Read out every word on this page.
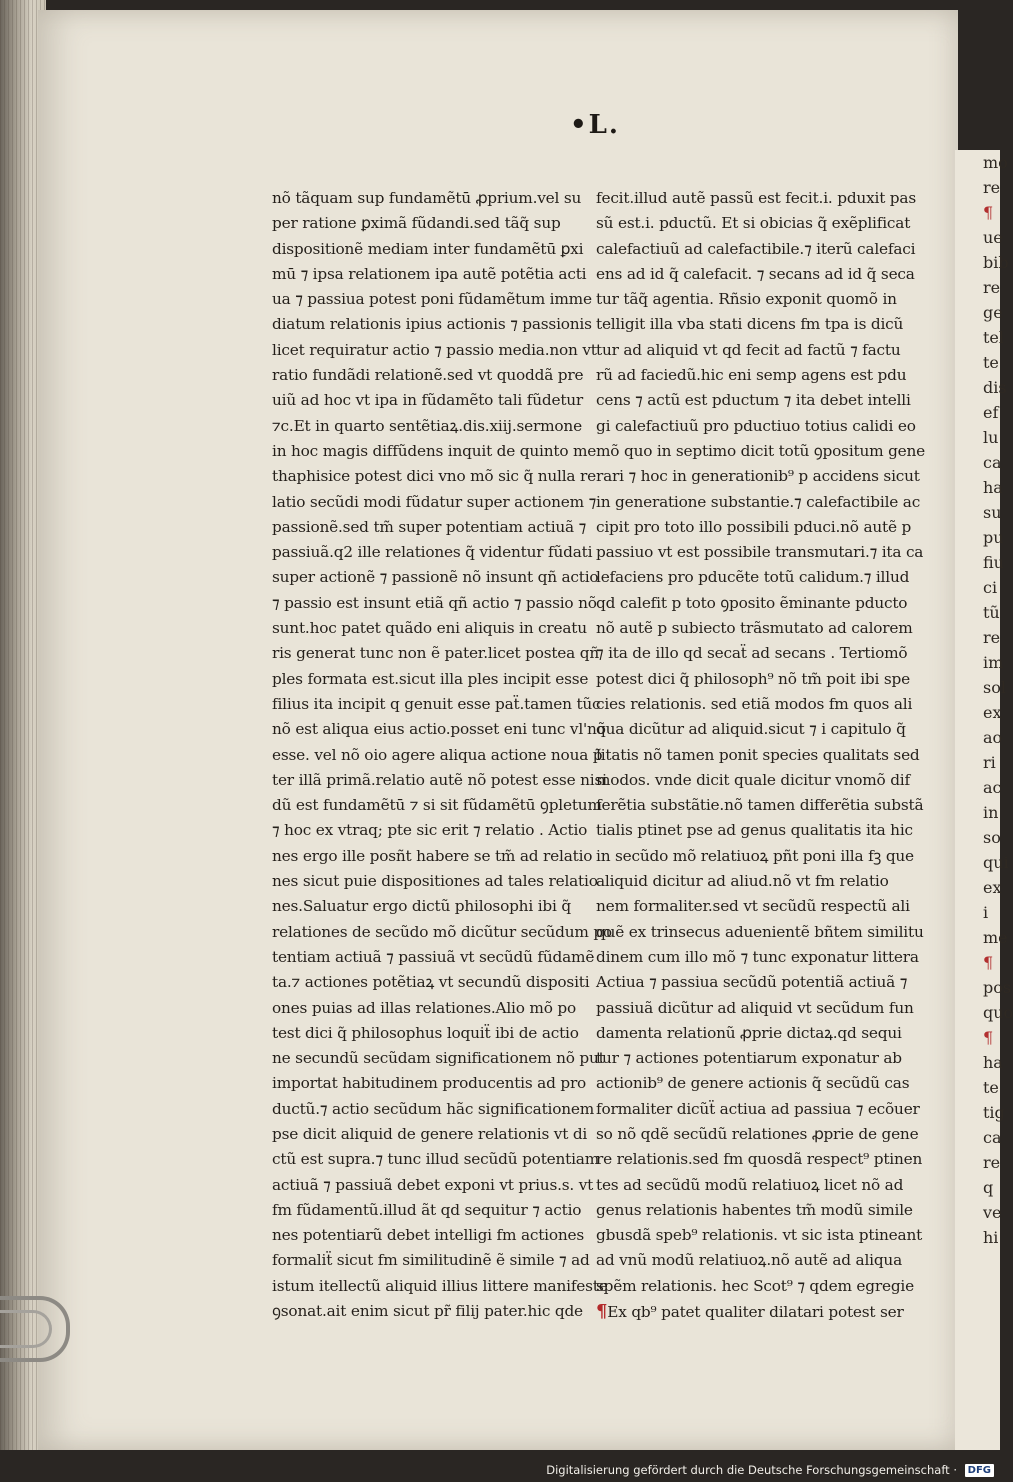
mo
re
¶
ue
bib
re
ge
tel
te
dis
ef
lu
ca
ha
su
pu
fiu
ci
tũ
re
im
sol
ex
ao
ri
ac
in
so
qui
ex
i
me
¶
pos
quo
¶
ha
te
tig
ca
re
q
ve
hi
•L.
nõ tãquam sup fundamẽtū ꝓprium.vel su
per ratione ꝑximã fũdandi.sed tãq̃ sup
dispositionẽ mediam inter fundamẽtū ꝑxi
mū ⁊ ipsa relationem ipa autẽ potẽtia acti
ua ⁊ passiua potest poni fũdamẽtum imme
diatum relationis ipius actionis ⁊ passionis
licet requiratur actio ⁊ passio media.non vt
ratio fundãdi relationẽ.sed vt quoddã pre
uiũ ad hoc vt ipa in fũdamẽto tali fũdetur
⁊c.Et in quarto sentẽtiaꝝ.dis.xiij.sermone
in hoc magis diffũdens inquit de quinto me
thaphisice potest dici vno mõ sic q̃ nulla re
latio secũdi modi fũdatur super actionem ⁊
passionẽ.sed tm̃ super potentiam actiuã ⁊
passiuã.q2 ille relationes q̃ videntur fũdati
super actionẽ ⁊ passionẽ nõ insunt qñ actio
⁊ passio est insunt etiã qñ actio ⁊ passio nõ
sunt.hoc patet quãdo eni aliquis in creatu
ris generat tunc non ẽ pater.licet postea qñ
ples formata est.sicut illa ples incipit esse
filius ita incipit q genuit esse paẗ.tamen tũc
nõ est aliqua eius actio.posset eni tunc vl'nõ
esse. vel nõ oio agere aliqua actione noua p̃
ter illã primã.relatio autẽ nõ potest esse nisi
dũ est fundamẽtū ⁊ si sit fũdamẽtū ꝯpletum
⁊ hoc ex vtraq; pte sic erit ⁊ relatio . Actio
nes ergo ille posñt habere se tm̃ ad relatio
nes sicut puie dispositiones ad tales relatio
nes.Saluatur ergo dictũ philosophi ibi q̃
relationes de secũdo mõ dicũtur secũdum po
tentiam actiuã ⁊ passiuã vt secũdũ fũdamẽ
ta.⁊ actiones potẽtiaꝝ vt secundũ dispositi
ones puias ad illas relationes.Alio mõ po
test dici q̃ philosophus loquiẗ ibi de actio
ne secundũ secũdam significationem nõ put
importat habitudinem producentis ad pro
ductũ.⁊ actio secũdum hãc significationem
pse dicit aliquid de genere relationis vt di
ctũ est supra.⁊ tunc illud secũdũ potentiam
actiuã ⁊ passiuã debet exponi vt prius.s. vt
fm fũdamentũ.illud ãt qd sequitur ⁊ actio
nes potentiarũ debet intelligi fm actiones
formaliẗ sicut fm similitudinẽ ẽ simile ⁊ ad
istum itellectũ aliquid illius littere manifeste
ꝯsonat.ait enim sicut pr̃ filij pater.hic qde
fecit.illud autẽ passũ est fecit.i. pduxit pas
sũ est.i. pductũ. Et si obicias q̃ exẽplificat
calefactiuũ ad calefactibile.⁊ iterũ calefaci
ens ad id q̃ calefacit. ⁊ secans ad id q̃ seca
tur tãq̃ agentia. Rñsio exponit quomõ in
telligit illa vba stati dicens fm tpa is dicũ
tur ad aliquid vt qd fecit ad factũ ⁊ factu
rũ ad faciedũ.hic eni semp agens est pdu
cens ⁊ actũ est pductum ⁊ ita debet intelli
gi calefactiuũ pro pductiuo totius calidi eo
mõ quo in septimo dicit totũ ꝯpositum gene
rari ⁊ hoc in generationib⁹ p accidens sicut
in generatione substantie.⁊ calefactibile ac
cipit pro toto illo possibili pduci.nõ autẽ p
passiuo vt est possibile transmutari.⁊ ita ca
lefaciens pro pducẽte totũ calidum.⁊ illud
qd calefit p toto ꝯposito ẽminante pducto
nõ autẽ p subiecto trãsmutato ad calorem
⁊ ita de illo qd secaẗ ad secans . Tertiomõ
potest dici q̃ philosoph⁹ nõ tm̃ poit ibi spe
cies relationis. sed etiã modos fm quos ali
qua dicũtur ad aliquid.sicut ⁊ i capitulo q̃
litatis nõ tamen ponit species qualitats sed
modos. vnde dicit quale dicitur vnomõ dif
ferẽtia substãtie.nõ tamen differẽtia substã
tialis ptinet pse ad genus qualitatis ita hic
in secũdo mõ relatiuoꝝ pñt poni illa fꝫ que
aliquid dicitur ad aliud.nõ vt fm relatio
nem formaliter.sed vt secũdũ respectũ ali
quẽ ex trinsecus aduenientẽ bñtem similitu
dinem cum illo mõ ⁊ tunc exponatur littera
Actiua ⁊ passiua secũdũ potentiã actiuã ⁊
passiuã dicũtur ad aliquid vt secũdum fun
damenta relationũ ꝓprie dictaꝝ.qd sequi
tur ⁊ actiones potentiarum exponatur ab
actionib⁹ de genere actionis q̃ secũdũ cas
formaliter dicũẗ actiua ad passiua ⁊ ecõuer
so nõ qdẽ secũdũ relationes ꝓprie de gene
re relationis.sed fm quosdã respect⁹ ptinen
tes ad secũdũ modũ relatiuoꝝ licet nõ ad
genus relationis habentes tm̃ modũ simile
gbusdã speb⁹ relationis. vt sic ista ptineant
ad vnũ modũ relatiuoꝝ.nõ autẽ ad aliqua
spẽm relationis. hec Scot⁹ ⁊ qdem egregie
¶Ex qb⁹ patet qualiter dilatari potest ser
Digitalisierung gefördert durch die Deutsche Forschungsgemeinschaft · DFG
